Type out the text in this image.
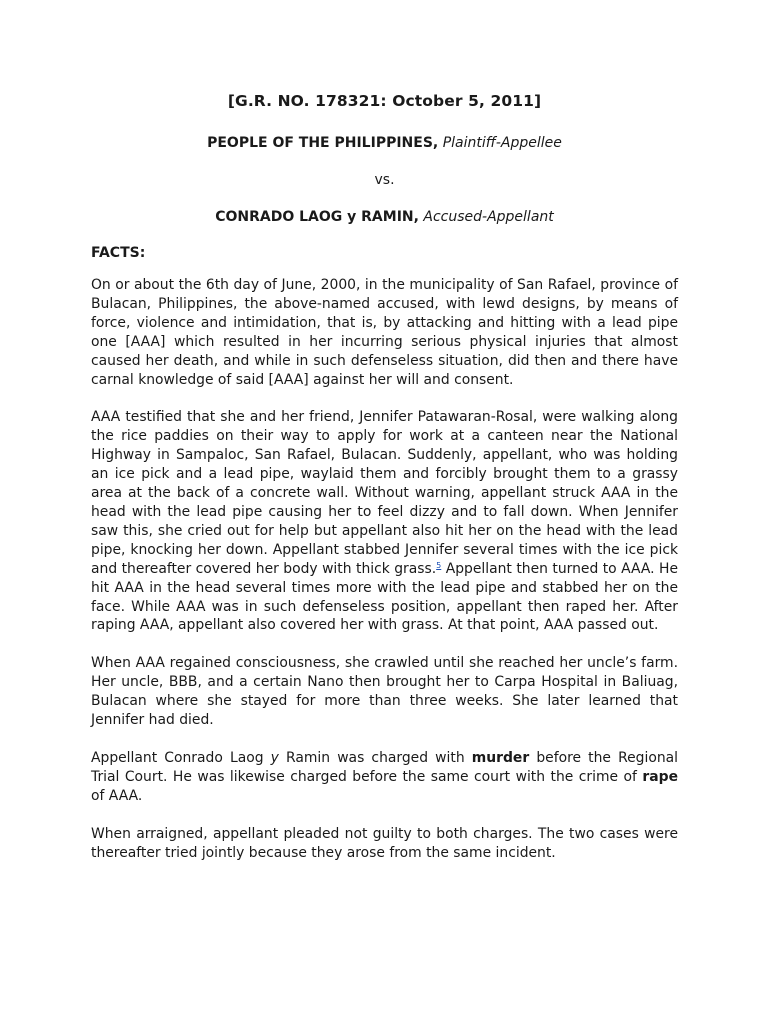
[G.R. NO. 178321: October 5, 2011]

PEOPLE OF THE PHILIPPINES, Plaintiff-Appellee

vs.

CONRADO LAOG y RAMIN, Accused-Appellant

FACTS:

On or about the 6th day of June, 2000, in the municipality of San Rafael, province of Bulacan, Philippines, the above-named accused, with lewd designs, by means of force, violence and intimidation, that is, by attacking and hitting with a lead pipe one [AAA] which resulted in her incurring serious physical injuries that almost caused her death, and while in such defenseless situation, did then and there have carnal knowledge of said [AAA] against her will and consent.

AAA testified that she and her friend, Jennifer Patawaran-Rosal, were walking along the rice paddies on their way to apply for work at a canteen near the National Highway in Sampaloc, San Rafael, Bulacan. Suddenly, appellant, who was holding an ice pick and a lead pipe, waylaid them and forcibly brought them to a grassy area at the back of a concrete wall. Without warning, appellant struck AAA in the head with the lead pipe causing her to feel dizzy and to fall down. When Jennifer saw this, she cried out for help but appellant also hit her on the head with the lead pipe, knocking her down. Appellant stabbed Jennifer several times with the ice pick and thereafter covered her body with thick grass.$^5$ Appellant then turned to AAA. He hit AAA in the head several times more with the lead pipe and stabbed her on the face. While AAA was in such defenseless position, appellant then raped her. After raping AAA, appellant also covered her with grass. At that point, AAA passed out.

When AAA regained consciousness, she crawled until she reached her uncle’s farm. Her uncle, BBB, and a certain Nano then brought her to Carpa Hospital in Baliuag, Bulacan where she stayed for more than three weeks. She later learned that Jennifer had died.

Appellant Conrado Laog y Ramin was charged with murder before the Regional Trial Court. He was likewise charged before the same court with the crime of rape of AAA.

When arraigned, appellant pleaded not guilty to both charges. The two cases were thereafter tried jointly because they arose from the same incident.
